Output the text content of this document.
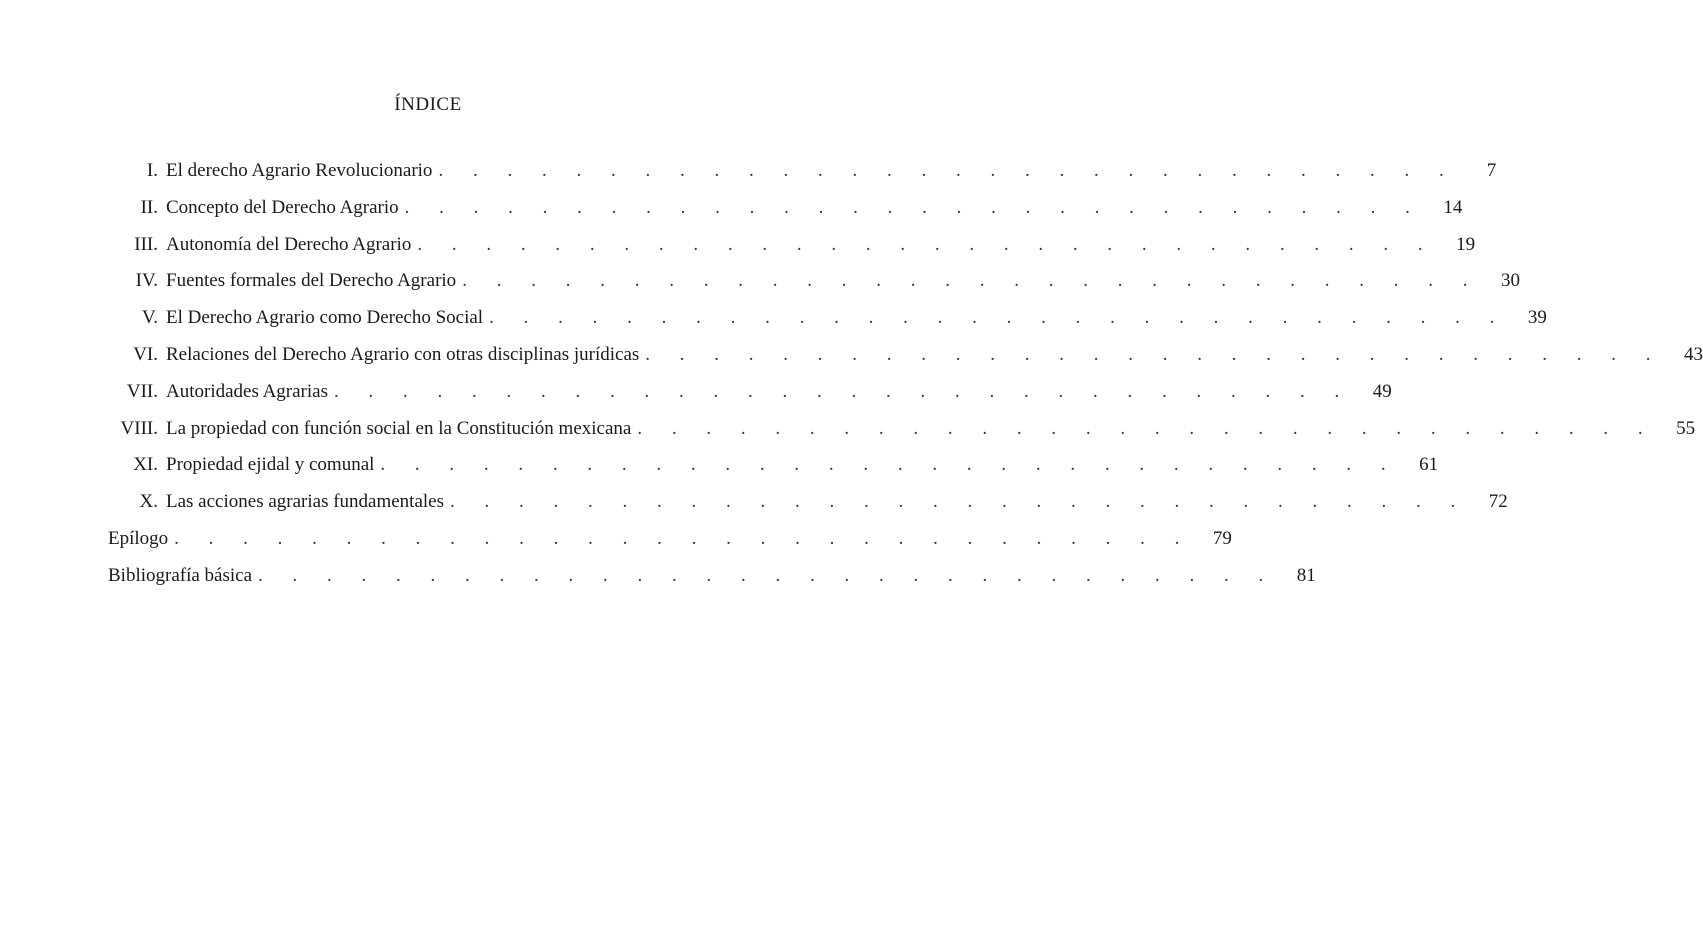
ÍNDICE
I. El derecho Agrario Revolucionario . . . . . . . . . . . . . . . . . . . . . . . . . . . . . .	7
II. Concepto del Derecho Agrario . . . . . . . . . . . . . . . . . . . . . . . . . . . . . .	14
III. Autonomía del Derecho Agrario . . . . . . . . . . . . . . . . . . . . . . . . . . . . . .	19
IV. Fuentes formales del Derecho Agrario . . . . . . . . . . . . . . . . . . . . . . . . . . . . . .	30
V. El Derecho Agrario como Derecho Social . . . . . . . . . . . . . . . . . . . . . . . . . . . . . .	39
VI. Relaciones del Derecho Agrario con otras disciplinas jurídicas . . . . . . . . . . . . . . . . . . . . . . . . . . . . . .	43
VII. Autoridades Agrarias . . . . . . . . . . . . . . . . . . . . . . . . . . . . . .	49
VIII. La propiedad con función social en la Constitución mexicana . . . . . . . . . . . . . . . . . . . . . . . . . . . . . .	55
XI. Propiedad ejidal y comunal . . . . . . . . . . . . . . . . . . . . . . . . . . . . . .	61
X. Las acciones agrarias fundamentales . . . . . . . . . . . . . . . . . . . . . . . . . . . . . .	72
Epílogo . . . . . . . . . . . . . . . . . . . . . . . . . . . . . .	79
Bibliografía básica . . . . . . . . . . . . . . . . . . . . . . . . . . . . . .	81
